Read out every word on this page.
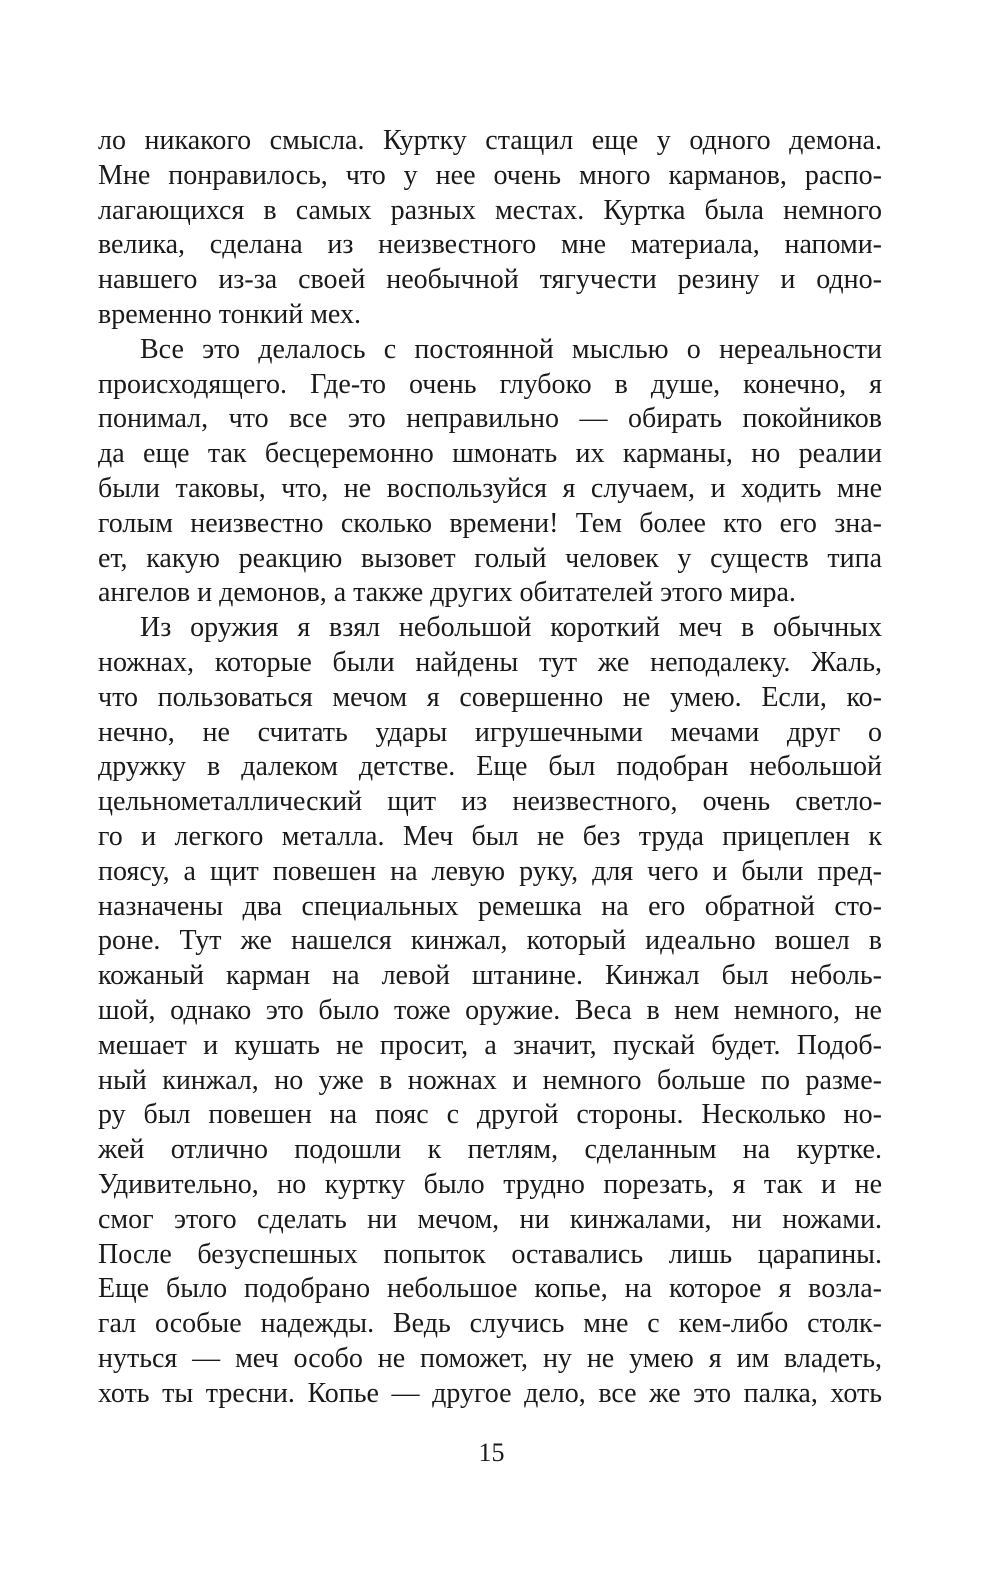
ло никакого смысла. Куртку стащил еще у одного демона.
Мне понравилось, что у нее очень много карманов, распо-
лагающихся в самых разных местах. Куртка была немного
велика, сделана из неизвестного мне материала, напоми-
навшего из-за своей необычной тягучести резину и одно-
временно тонкий мех.
Все это делалось с постоянной мыслью о нереальности
происходящего. Где-то очень глубоко в душе, конечно, я
понимал, что все это неправильно — обирать покойников
да еще так бесцеремонно шмонать их карманы, но реалии
были таковы, что, не воспользуйся я случаем, и ходить мне
голым неизвестно сколько времени! Тем более кто его зна-
ет, какую реакцию вызовет голый человек у существ типа
ангелов и демонов, а также других обитателей этого мира.
Из оружия я взял небольшой короткий меч в обычных
ножнах, которые были найдены тут же неподалеку. Жаль,
что пользоваться мечом я совершенно не умею. Если, ко-
нечно, не считать удары игрушечными мечами друг о
дружку в далеком детстве. Еще был подобран небольшой
цельнометаллический щит из неизвестного, очень светло-
го и легкого металла. Меч был не без труда прицеплен к
поясу, а щит повешен на левую руку, для чего и были пред-
назначены два специальных ремешка на его обратной сто-
роне. Тут же нашелся кинжал, который идеально вошел в
кожаный карман на левой штанине. Кинжал был неболь-
шой, однако это было тоже оружие. Веса в нем немного, не
мешает и кушать не просит, а значит, пускай будет. Подоб-
ный кинжал, но уже в ножнах и немного больше по разме-
ру был повешен на пояс с другой стороны. Несколько но-
жей отлично подошли к петлям, сделанным на куртке.
Удивительно, но куртку было трудно порезать, я так и не
смог этого сделать ни мечом, ни кинжалами, ни ножами.
После безуспешных попыток оставались лишь царапины.
Еще было подобрано небольшое копье, на которое я возла-
гал особые надежды. Ведь случись мне с кем-либо столк-
нуться — меч особо не поможет, ну не умею я им владеть,
хоть ты тресни. Копье — другое дело, все же это палка, хоть
15
